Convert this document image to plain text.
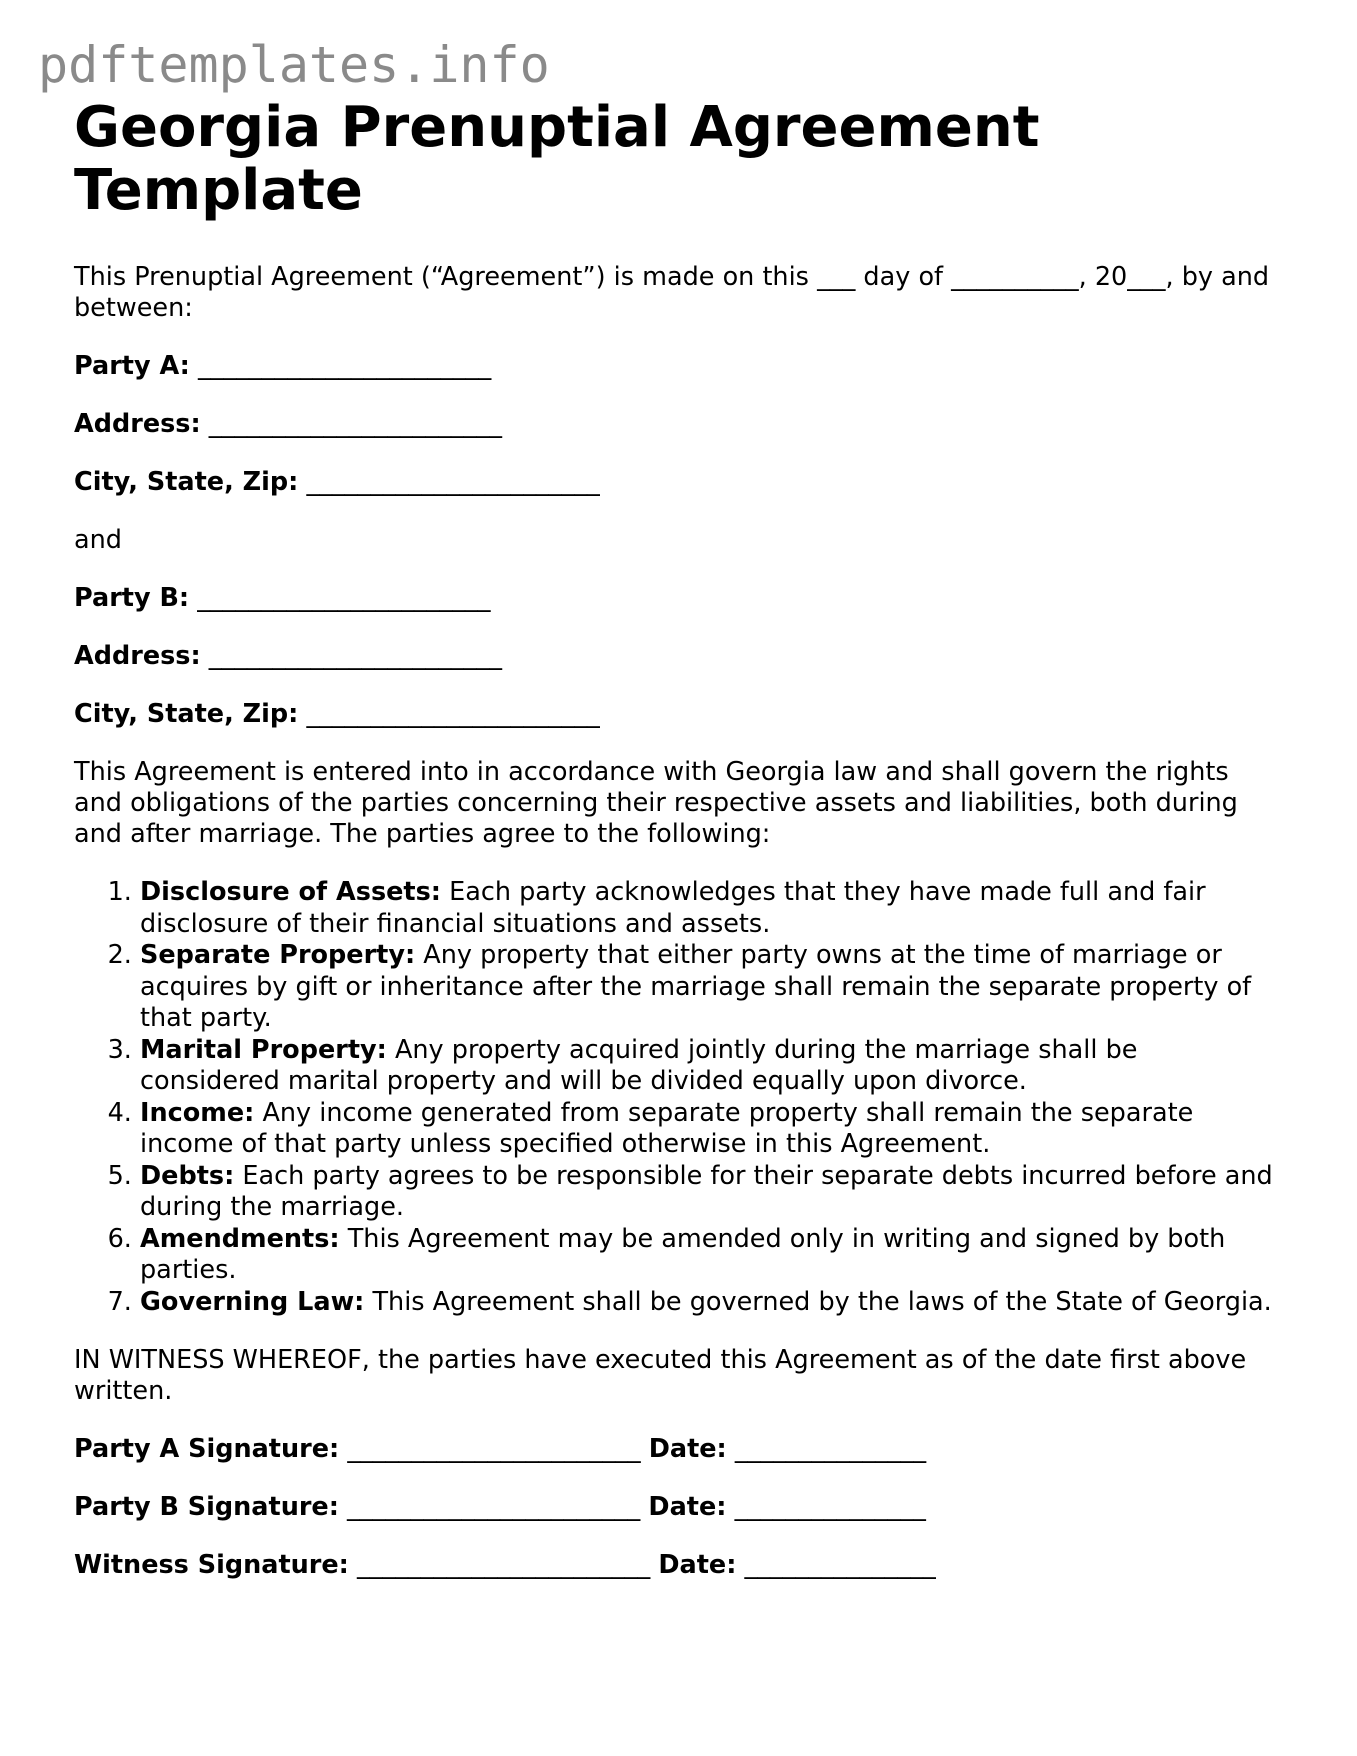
pdftemplates.info
Georgia Prenuptial Agreement
Template

This Prenuptial Agreement (“Agreement”) is made on this ___ day of __________, 20___, by and between:

Party A: _______________________
Address: _______________________
City, State, Zip: _______________________

and

Party B: _______________________
Address: _______________________
City, State, Zip: _______________________

This Agreement is entered into in accordance with Georgia law and shall govern the rights and obligations of the parties concerning their respective assets and liabilities, both during and after marriage. The parties agree to the following:

1. Disclosure of Assets: Each party acknowledges that they have made full and fair disclosure of their financial situations and assets.
2. Separate Property: Any property that either party owns at the time of marriage or acquires by gift or inheritance after the marriage shall remain the separate property of that party.
3. Marital Property: Any property acquired jointly during the marriage shall be considered marital property and will be divided equally upon divorce.
4. Income: Any income generated from separate property shall remain the separate income of that party unless specified otherwise in this Agreement.
5. Debts: Each party agrees to be responsible for their separate debts incurred before and during the marriage.
6. Amendments: This Agreement may be amended only in writing and signed by both parties.
7. Governing Law: This Agreement shall be governed by the laws of the State of Georgia.

IN WITNESS WHEREOF, the parties have executed this Agreement as of the date first above written.

Party A Signature: _______________________ Date: _______________
Party B Signature: _______________________ Date: _______________
Witness Signature: _______________________ Date: _______________
